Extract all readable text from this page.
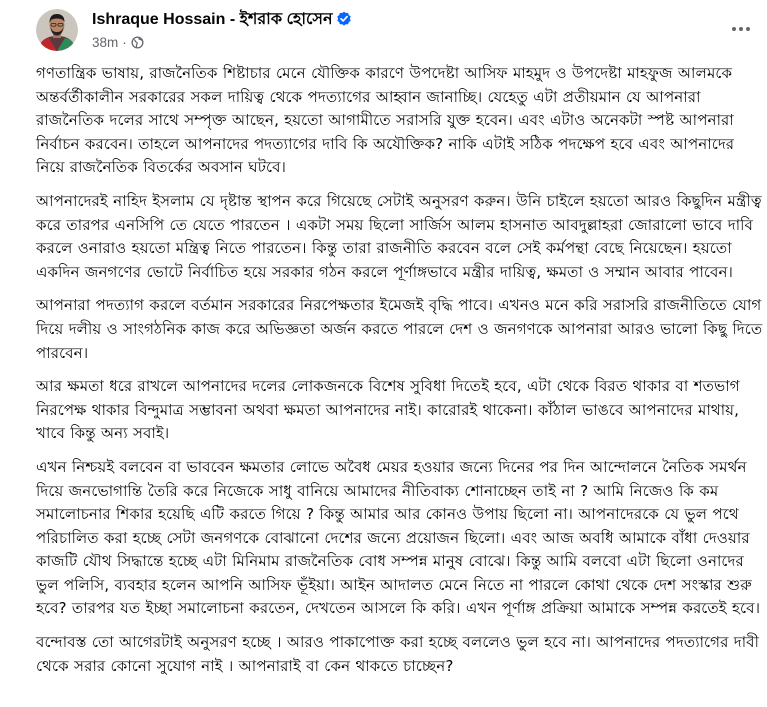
Ishraque Hossain - ইশরাক হোসেন
38m ·

গণতান্ত্রিক ভাষায়, রাজনৈতিক শিষ্টাচার মেনে যৌক্তিক কারণে উপদেষ্টা আসিফ মাহমুদ ও উপদেষ্টা মাহফুজ আলমকে অন্তর্বর্তীকালীন সরকারের সকল দায়িত্ব থেকে পদত্যাগের আহ্বান জানাচ্ছি। যেহেতু এটা প্রতীয়মান যে আপনারা রাজনৈতিক দলের সাথে সম্পৃক্ত আছেন, হয়তো আগামীতে সরাসরি যুক্ত হবেন। এবং এটাও অনেকটা স্পষ্ট আপনারা নির্বাচন করবেন। তাহলে আপনাদের পদত্যাগের দাবি কি অযৌক্তিক? নাকি এটাই সঠিক পদক্ষেপ হবে এবং আপনাদের নিয়ে রাজনৈতিক বিতর্কের অবসান ঘটবে।

আপনাদেরই নাহিদ ইসলাম যে দৃষ্টান্ত স্থাপন করে গিয়েছে সেটাই অনুসরণ করুন। উনি চাইলে হয়তো আরও কিছুদিন মন্ত্রীত্ব করে তারপর এনসিপি তে যেতে পারতেন । একটা সময় ছিলো সার্জিস আলম হাসনাত আবদুল্লাহরা জোরালো ভাবে দাবি করলে ওনারাও হয়তো মন্ত্রিত্ব নিতে পারতেন। কিন্তু তারা রাজনীতি করবেন বলে সেই কর্মপন্থা বেছে নিয়েছেন। হয়তো একদিন জনগণের ভোটে নির্বাচিত হয়ে সরকার গঠন করলে পূর্ণাঙ্গভাবে মন্ত্রীর দায়িত্ব, ক্ষমতা ও সম্মান আবার পাবেন।

আপনারা পদত্যাগ করলে বর্তমান সরকারের নিরপেক্ষতার ইমেজই বৃদ্ধি পাবে। এখনও মনে করি সরাসরি রাজনীতিতে যোগ দিয়ে দলীয় ও সাংগঠনিক কাজ করে অভিজ্ঞতা অর্জন করতে পারলে দেশ ও জনগণকে আপনারা আরও ভালো কিছু দিতে পারবেন।

আর ক্ষমতা ধরে রাখলে আপনাদের দলের লোকজনকে বিশেষ সুবিধা দিতেই হবে, এটা থেকে বিরত থাকার বা শতভাগ নিরপেক্ষ থাকার বিন্দুমাত্র সম্ভাবনা অথবা ক্ষমতা আপনাদের নাই। কারোরই থাকেনা। কাঁঠাল ভাঙবে আপনাদের মাথায়, খাবে কিন্তু অন্য সবাই।

এখন নিশ্চয়ই বলবেন বা ভাববেন ক্ষমতার লোভে অবৈধ মেয়র হওয়ার জন্যে দিনের পর দিন আন্দোলনে নৈতিক সমর্থন দিয়ে জনভোগান্তি তৈরি করে নিজেকে সাধু বানিয়ে আমাদের নীতিবাক্য শোনাচ্ছেন তাই না ? আমি নিজেও কি কম সমালোচনার শিকার হয়েছি এটি করতে গিয়ে ? কিন্তু আমার আর কোনও উপায় ছিলো না। আপনাদেরকে যে ভুল পথে পরিচালিত করা হচ্ছে সেটা জনগণকে বোঝানো দেশের জন্যে প্রয়োজন ছিলো। এবং আজ অবধি আমাকে বাঁধা দেওয়ার কাজটি যৌথ সিদ্ধান্তে হচ্ছে এটা মিনিমাম রাজনৈতিক বোধ সম্পন্ন মানুষ বোঝে। কিন্তু আমি বলবো এটা ছিলো ওনাদের ভুল পলিসি, ব্যবহার হলেন আপনি আসিফ ভূঁইয়া। আইন আদালত মেনে নিতে না পারলে কোথা থেকে দেশ সংস্কার শুরু হবে? তারপর যত ইচ্ছা সমালোচনা করতেন, দেখতেন আসলে কি করি। এখন পূর্ণাঙ্গ প্রক্রিয়া আমাকে সম্পন্ন করতেই হবে।

বন্দোবস্ত তো আগেরটাই অনুসরণ হচ্ছে । আরও পাকাপোক্ত করা হচ্ছে বললেও ভুল হবে না। আপনাদের পদত্যাগের দাবী থেকে সরার কোনো সুযোগ নাই । আপনারাই বা কেন থাকতে চাচ্ছেন?
